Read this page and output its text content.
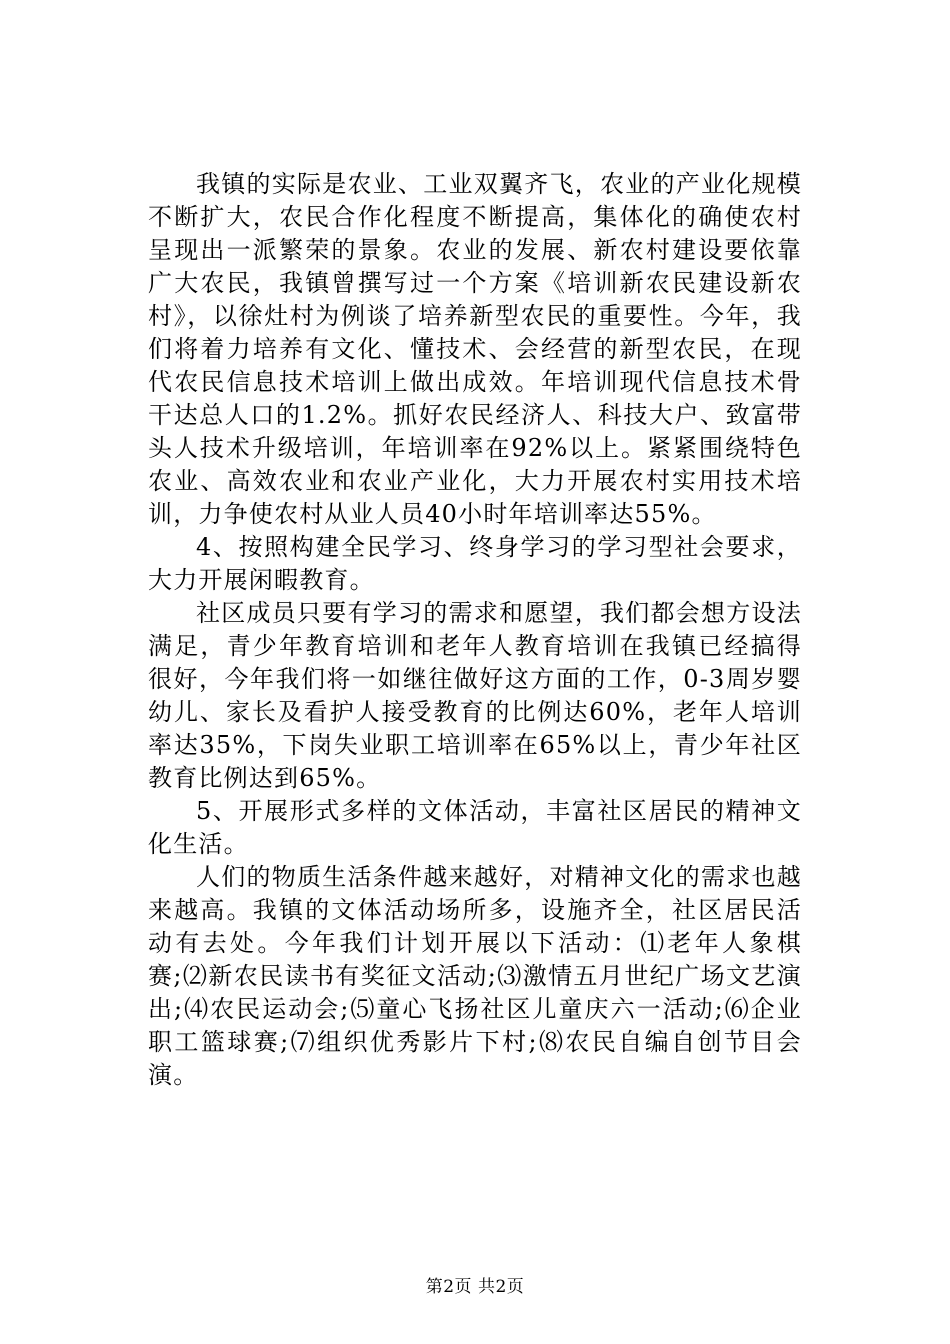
我镇的实际是农业、工业双翼齐飞，农业的产业化规模不断扩大，农民合作化程度不断提高，集体化的确使农村呈现出一派繁荣的景象。农业的发展、新农村建设要依靠广大农民，我镇曾撰写过一个方案《培训新农民建设新农村》，以徐灶村为例谈了培养新型农民的重要性。今年，我们将着力培养有文化、懂技术、会经营的新型农民，在现代农民信息技术培训上做出成效。年培训现代信息技术骨干达总人口的1.2%。抓好农民经济人、科技大户、致富带头人技术升级培训，年培训率在92%以上。紧紧围绕特色农业、高效农业和农业产业化，大力开展农村实用技术培训，力争使农村从业人员40小时年培训率达55%。

4、按照构建全民学习、终身学习的学习型社会要求，大力开展闲暇教育。

社区成员只要有学习的需求和愿望，我们都会想方设法满足，青少年教育培训和老年人教育培训在我镇已经搞得很好，今年我们将一如继往做好这方面的工作，0-3周岁婴幼儿、家长及看护人接受教育的比例达60%，老年人培训率达35%，下岗失业职工培训率在65%以上，青少年社区教育比例达到65%。

5、开展形式多样的文体活动，丰富社区居民的精神文化生活。

人们的物质生活条件越来越好，对精神文化的需求也越来越高。我镇的文体活动场所多，设施齐全，社区居民活动有去处。今年我们计划开展以下活动：⑴老年人象棋赛;⑵新农民读书有奖征文活动;⑶激情五月世纪广场文艺演出;⑷农民运动会;⑸童心飞扬社区儿童庆六一活动;⑹企业职工篮球赛;⑺组织优秀影片下村;⑻农民自编自创节目会演。

第2页 共2页
